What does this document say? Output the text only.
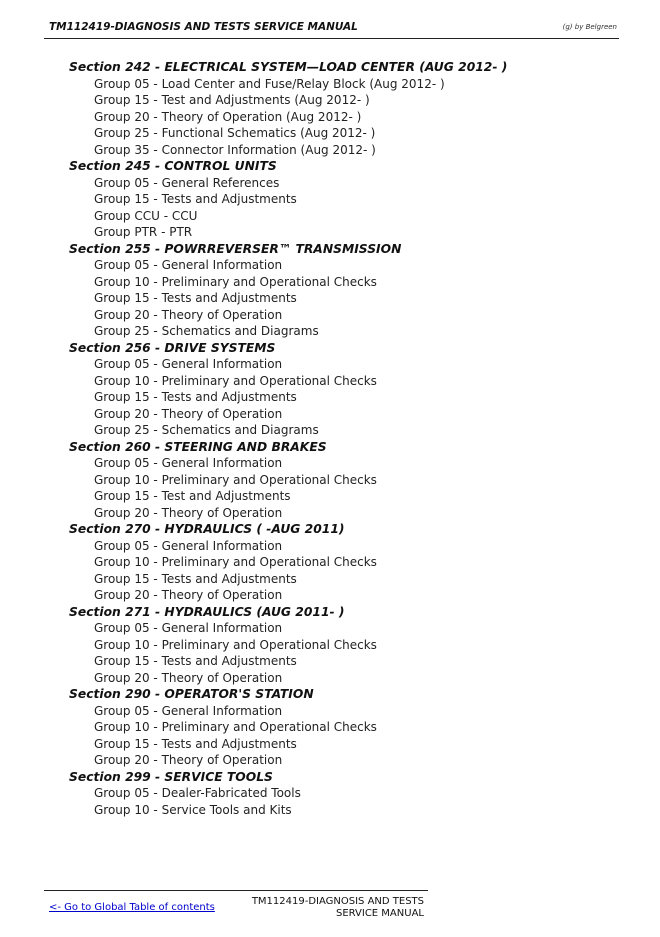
TM112419-DIAGNOSIS AND TESTS SERVICE MANUAL	(g) by Belgreen
Section 242 - ELECTRICAL SYSTEM—LOAD CENTER (AUG 2012- )
Group 05 - Load Center and Fuse/Relay Block (Aug 2012- )
Group 15 - Test and Adjustments (Aug 2012- )
Group 20 - Theory of Operation (Aug 2012- )
Group 25 - Functional Schematics (Aug 2012- )
Group 35 - Connector Information (Aug 2012- )
Section 245 - CONTROL UNITS
Group 05 - General References
Group 15 - Tests and Adjustments
Group CCU - CCU
Group PTR - PTR
Section 255 - POWRREVERSER™ TRANSMISSION
Group 05 - General Information
Group 10 - Preliminary and Operational Checks
Group 15 - Tests and Adjustments
Group 20 - Theory of Operation
Group 25 - Schematics and Diagrams
Section 256 - DRIVE SYSTEMS
Group 05 - General Information
Group 10 - Preliminary and Operational Checks
Group 15 - Tests and Adjustments
Group 20 - Theory of Operation
Group 25 - Schematics and Diagrams
Section 260 - STEERING AND BRAKES
Group 05 - General Information
Group 10 - Preliminary and Operational Checks
Group 15 - Test and Adjustments
Group 20 - Theory of Operation
Section 270 - HYDRAULICS ( -AUG 2011)
Group 05 - General Information
Group 10 - Preliminary and Operational Checks
Group 15 - Tests and Adjustments
Group 20 - Theory of Operation
Section 271 - HYDRAULICS (AUG 2011- )
Group 05 - General Information
Group 10 - Preliminary and Operational Checks
Group 15 - Tests and Adjustments
Group 20 - Theory of Operation
Section 290 - OPERATOR'S STATION
Group 05 - General Information
Group 10 - Preliminary and Operational Checks
Group 15 - Tests and Adjustments
Group 20 - Theory of Operation
Section 299 - SERVICE TOOLS
Group 05 - Dealer-Fabricated Tools
Group 10 - Service Tools and Kits
<- Go to Global Table of contents
TM112419-DIAGNOSIS AND TESTS
SERVICE MANUAL
